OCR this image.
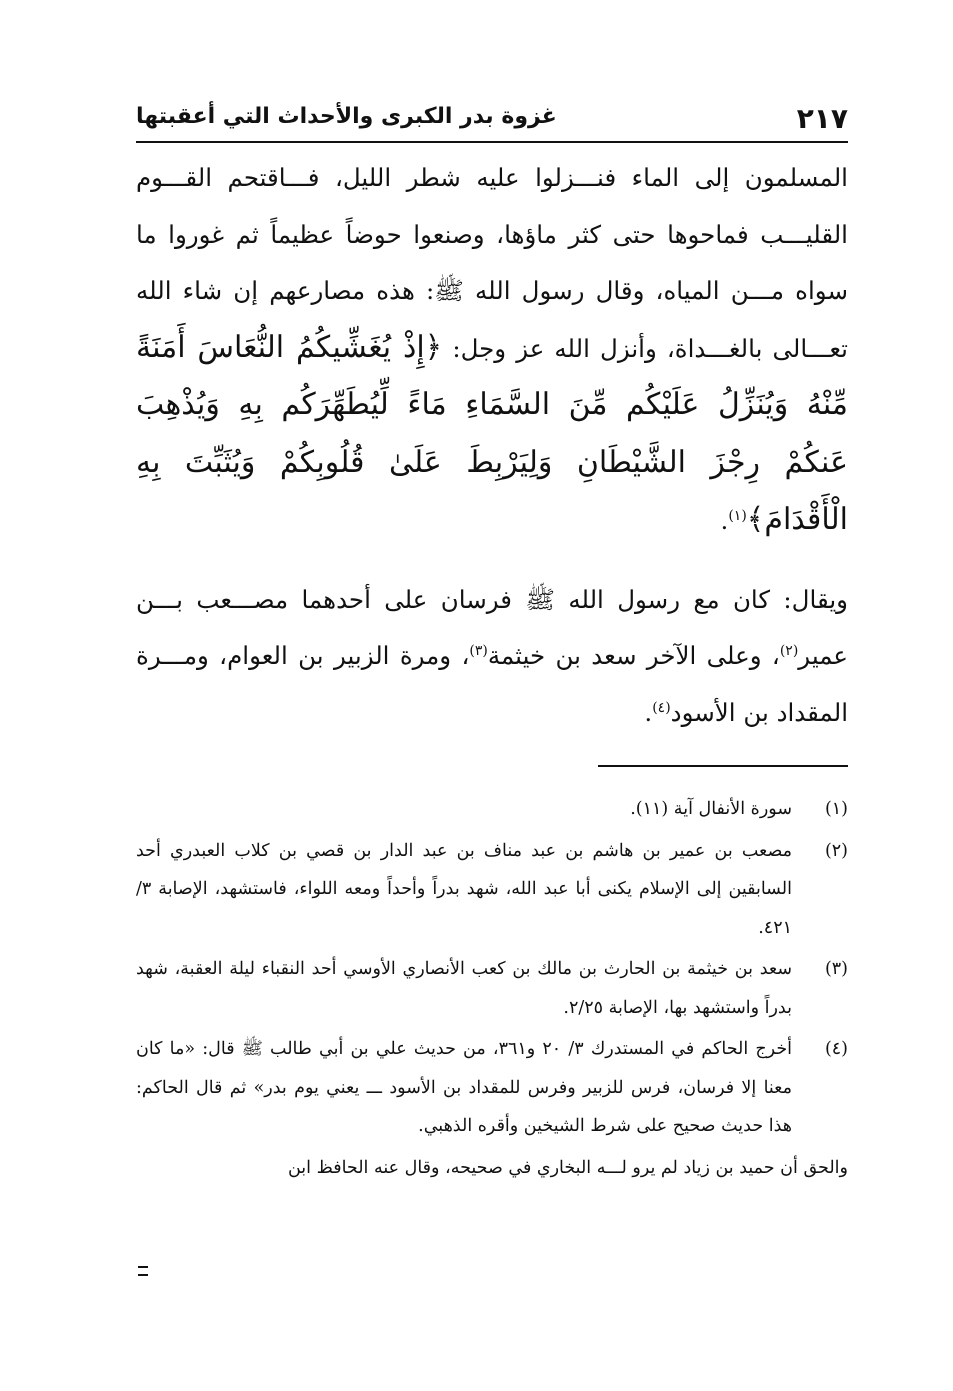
٢١٧
غزوة بدر الكبرى والأحداث التي أعقبتها

المسلمون إلى الماء فنـــزلوا عليه شطر الليل، فـــاقتحم القـــوم القليـــب فماحوها حتى كثر ماؤها، وصنعوا حوضاً عظيماً ثم غوروا ما سواه مـــن المياه، وقال رسول الله ﷺ: هذه مصارعهم إن شاء الله تعـــالى بالغـــداة، وأنزل الله عز وجل: ﴿إِذْ يُغَشِّيكُمُ النُّعَاسَ أَمَنَةً مِّنْهُ وَيُنَزِّلُ عَلَيْكُم مِّنَ السَّمَاءِ مَاءً لِّيُطَهِّرَكُم بِهِ وَيُذْهِبَ عَنكُمْ رِجْزَ الشَّيْطَانِ وَلِيَرْبِطَ عَلَىٰ قُلُوبِكُمْ وَيُثَبِّتَ بِهِ الْأَقْدَامَ﴾$^{(١)}$.

ويقال: كان مع رسول الله ﷺ فرسان على أحدهما مصـــعب بـــن عمير$^{(٢)}$، وعلى الآخر سعد بن خيثمة$^{(٣)}$، ومرة الزبير بن العوام، ومـــرة المقداد بن الأسود$^{(٤)}$.

(١)
سورة الأنفال آية (١١).
(٢)
مصعب بن عمير بن هاشم بن عبد مناف بن عبد الدار بن قصي بن كلاب العبدري أحد السابقين إلى الإسلام يكنى أبا عبد الله، شهد بدراً وأحداً ومعه اللواء، فاستشهد، الإصابة ٣/ ٤٢١.
(٣)
سعد بن خيثمة بن الحارث بن مالك بن كعب الأنصاري الأوسي أحد النقباء ليلة العقبة، شهد بدراً واستشهد بها، الإصابة ٢/٢٥.
(٤)
أخرج الحاكم في المستدرك ٣/ ٢٠ و٣٦١، من حديث علي بن أبي طالب ﷺ قال: «ما كان معنا إلا فرسان، فرس للزبير وفرس للمقداد بن الأسود ـــ يعني يوم بدر» ثم قال الحاكم: هذا حديث صحيح على شرط الشيخين وأقره الذهبي.
والحق أن حميد بن زياد لم يرو لـــه البخاري في صحيحه، وقال عنه الحافظ ابن
